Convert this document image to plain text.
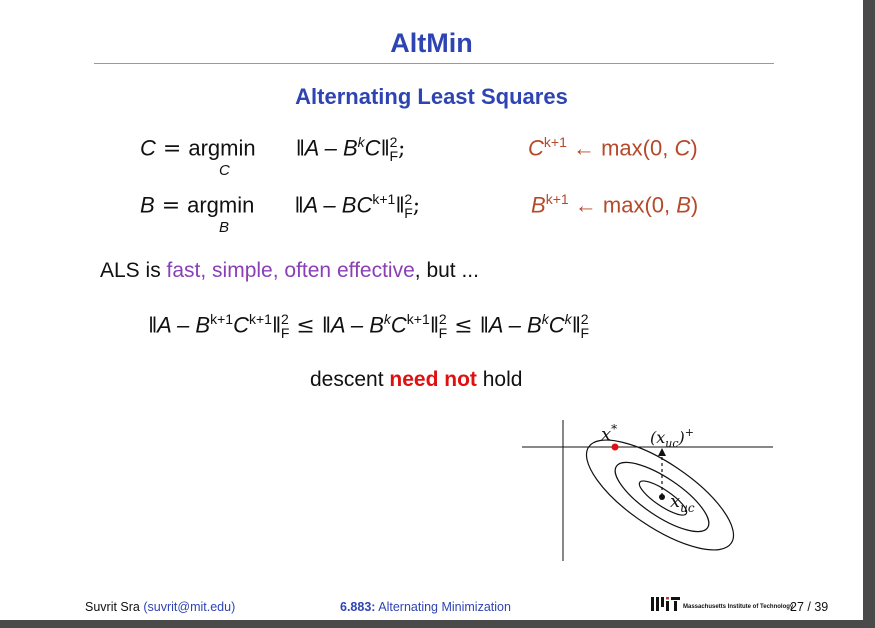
AltMin
Alternating Least Squares
C = argmin ‖A – $B^kC‖^2_F$;
C
$C^{k+1}$ ← max(0, C)
B = argmin ‖A – $BC^{k+1}‖^2_F$;
B
$B^{k+1}$ ← max(0, B)
ALS is fast, simple, often effective, but ...
‖A – $B^{k+1}C^{k+1}‖^2_F$ ≤ ‖A – $B^kC^{k+1}‖^2_F$ ≤ ‖A – $B^kC^k‖^2_F$
descent need not hold
x* $(x_{uc})^+$
$x_{uc}$
Suvrit Sra (suvrit@mit.edu)	6.883: Alternating Minimization	Massachusetts Institute of Technology
27 / 39
